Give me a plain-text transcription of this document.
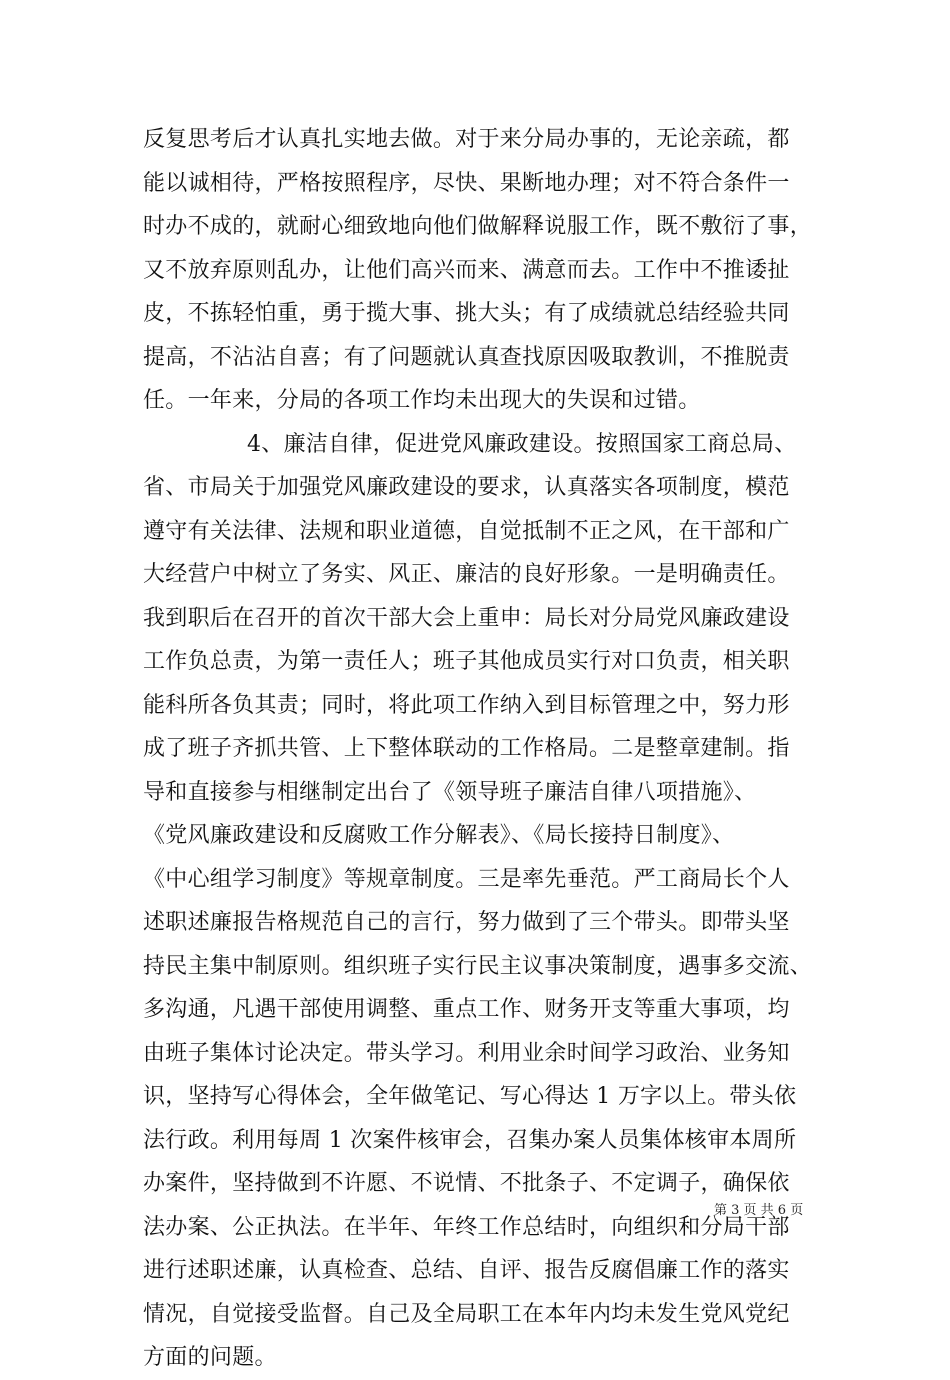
反复思考后才认真扎实地去做。对于来分局办事的，无论亲疏，都
能以诚相待，严格按照程序，尽快、果断地办理；对不符合条件一
时办不成的，就耐心细致地向他们做解释说服工作，既不敷衍了事，
又不放弃原则乱办，让他们高兴而来、满意而去。工作中不推诿扯
皮，不拣轻怕重，勇于揽大事、挑大头；有了成绩就总结经验共同
提高，不沾沾自喜；有了问题就认真查找原因吸取教训，不推脱责
任。一年来，分局的各项工作均未出现大的失误和过错。
4、廉洁自律，促进党风廉政建设。按照国家工商总局、
省、市局关于加强党风廉政建设的要求，认真落实各项制度，模范
遵守有关法律、法规和职业道德，自觉抵制不正之风，在干部和广
大经营户中树立了务实、风正、廉洁的良好形象。一是明确责任。
我到职后在召开的首次干部大会上重申：局长对分局党风廉政建设
工作负总责，为第一责任人；班子其他成员实行对口负责，相关职
能科所各负其责；同时，将此项工作纳入到目标管理之中，努力形
成了班子齐抓共管、上下整体联动的工作格局。二是整章建制。指
导和直接参与相继制定出台了《领导班子廉洁自律八项措施》、
《党风廉政建设和反腐败工作分解表》、《局长接持日制度》、
《中心组学习制度》等规章制度。三是率先垂范。严工商局长个人
述职述廉报告格规范自己的言行，努力做到了三个带头。即带头坚
持民主集中制原则。组织班子实行民主议事决策制度，遇事多交流、
多沟通，凡遇干部使用调整、重点工作、财务开支等重大事项，均
由班子集体讨论决定。带头学习。利用业余时间学习政治、业务知
识，坚持写心得体会，全年做笔记、写心得达 1 万字以上。带头依
法行政。利用每周 1 次案件核审会，召集办案人员集体核审本周所
办案件，坚持做到不许愿、不说情、不批条子、不定调子，确保依
法办案、公正执法。在半年、年终工作总结时，向组织和分局干部
进行述职述廉，认真检查、总结、自评、报告反腐倡廉工作的落实
情况，自觉接受监督。自己及全局职工在本年内均未发生党风党纪
方面的问题。
第 3 页 共 6 页
